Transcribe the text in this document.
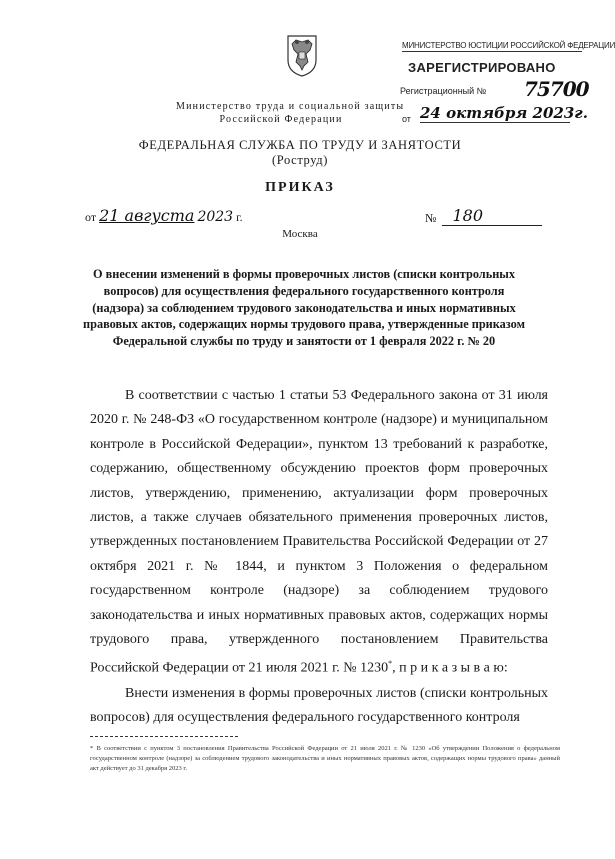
МИНИСТЕРСТВО ЮСТИЦИИ РОССИЙСКОЙ ФЕДЕРАЦИИ
ЗАРЕГИСТРИРОВАНО
Регистрационный №	75700
от 24 октября 2023г.
Министерство труда и социальной защиты
Российской Федерации
ФЕДЕРАЛЬНАЯ СЛУЖБА ПО ТРУДУ И ЗАНЯТОСТИ
(Роструд)
ПРИКАЗ
от 21 августа 2023 г.	№ 180
Москва
О внесении изменений в формы проверочных листов (списки контрольных вопросов) для осуществления федерального государственного контроля (надзора) за соблюдением трудового законодательства и иных нормативных правовых актов, содержащих нормы трудового права, утвержденные приказом Федеральной службы по труду и занятости от 1 февраля 2022 г. № 20

В соответствии с частью 1 статьи 53 Федерального закона от 31 июля 2020 г. № 248-ФЗ «О государственном контроле (надзоре) и муниципальном контроле в Российской Федерации», пунктом 13 требований к разработке, содержанию, общественному обсуждению проектов форм проверочных листов, утверждению, применению, актуализации форм проверочных листов, а также случаев обязательного применения проверочных листов, утвержденных постановлением Правительства Российской Федерации от 27 октября 2021 г. № 1844, и пунктом 3 Положения о федеральном государственном контроле (надзоре) за соблюдением трудового законодательства и иных нормативных правовых актов, содержащих нормы трудового права, утвержденного постановлением Правительства Российской Федерации от 21 июля 2021 г. № 1230*, п р и к а з ы в а ю:

Внести изменения в формы проверочных листов (списки контрольных вопросов) для осуществления федерального государственного контроля

* В соответствии с пунктом 3 постановления Правительства Российской Федерации от 21 июля 2021 г. № 1230 «Об утверждении Положения о федеральном государственном контроле (надзоре) за соблюдением трудового законодательства и иных нормативных правовых актов, содержащих нормы трудового права» данный акт действует до 31 декабря 2023 г.
